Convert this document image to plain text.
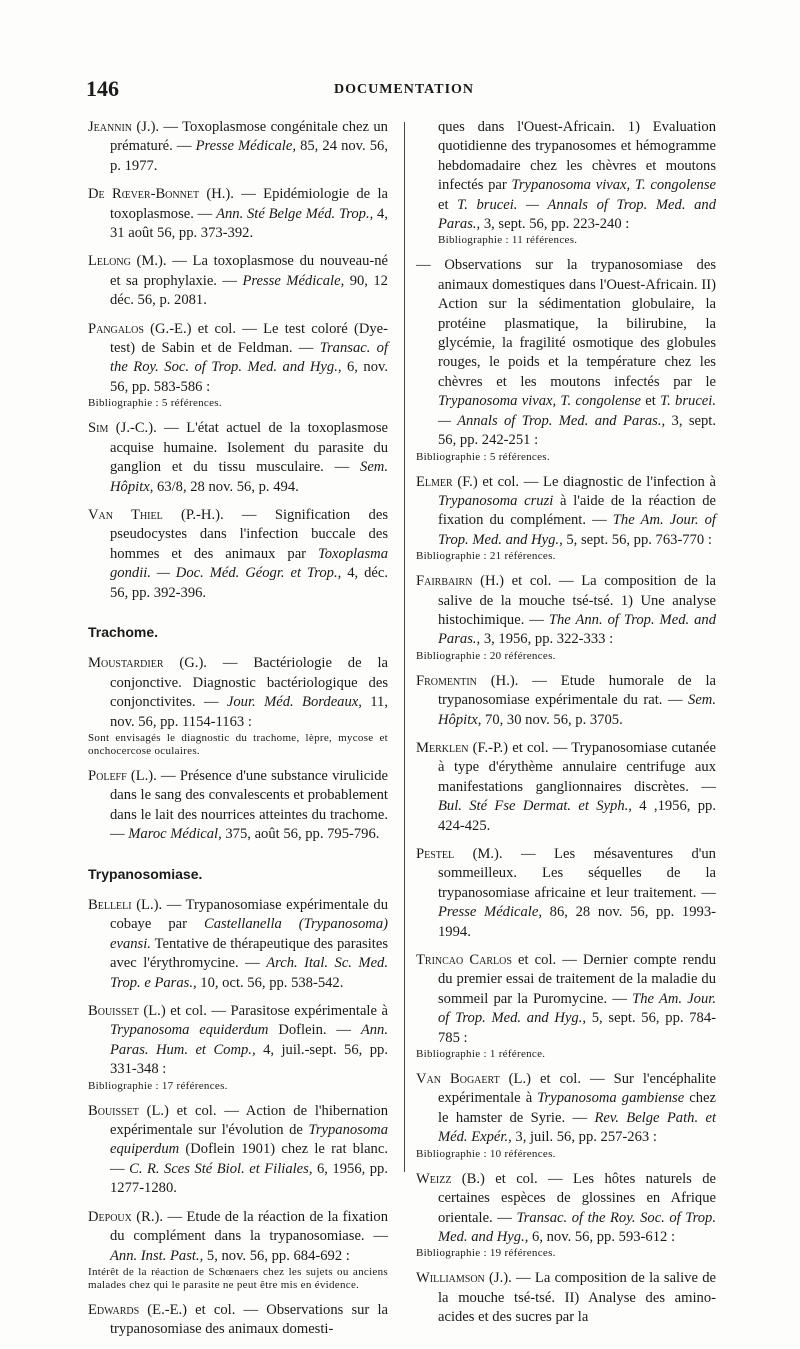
146	DOCUMENTATION

Jeannin (J.). — Toxoplasmose congénitale chez un prématuré. — Presse Médicale, 85, 24 nov. 56, p. 1977.

De Rœver-Bonnet (H.). — Epidémiologie de la toxoplasmose. — Ann. Sté Belge Méd. Trop., 4, 31 août 56, pp. 373-392.

Lelong (M.). — La toxoplasmose du nouveau-né et sa prophylaxie. — Presse Médicale, 90, 12 déc. 56, p. 2081.

Pangalos (G.-E.) et col. — Le test coloré (Dye-test) de Sabin et de Feldman. — Transac. of the Roy. Soc. of Trop. Med. and Hyg., 6, nov. 56, pp. 583-586 :
Bibliographie : 5 références.

Sim (J.-C.). — L'état actuel de la toxoplasmose acquise humaine. Isolement du parasite du ganglion et du tissu musculaire. — Sem. Hôpitx, 63/8, 28 nov. 56, p. 494.

Van Thiel (P.-H.). — Signification des pseudocystes dans l'infection buccale des hommes et des animaux par Toxoplasma gondii. — Doc. Méd. Géogr. et Trop., 4, déc. 56, pp. 392-396.

Trachome.

Moustardier (G.). — Bactériologie de la conjonctive. Diagnostic bactériologique des conjonctivites. — Jour. Méd. Bordeaux, 11, nov. 56, pp. 1154-1163 :
Sont envisagés le diagnostic du trachome, lèpre, mycose et onchocercose oculaires.

Poleff (L.). — Présence d'une substance virulicide dans le sang des convalescents et probablement dans le lait des nourrices atteintes du trachome. — Maroc Médical, 375, août 56, pp. 795-796.

Trypanosomiase.

Belleli (L.). — Trypanosomiase expérimentale du cobaye par Castellanella (Trypanosoma) evansi. Tentative de thérapeutique des parasites avec l'érythromycine. — Arch. Ital. Sc. Med. Trop. e Paras., 10, oct. 56, pp. 538-542.

Bouisset (L.) et col. — Parasitose expérimentale à Trypanosoma equiderdum Doflein. — Ann. Paras. Hum. et Comp., 4, juil.-sept. 56, pp. 331-348 :
Bibliographie : 17 références.

Bouisset (L.) et col. — Action de l'hibernation expérimentale sur l'évolution de Trypanosoma equiperdum (Doflein 1901) chez le rat blanc. — C. R. Sces Sté Biol. et Filiales, 6, 1956, pp. 1277-1280.

Depoux (R.). — Etude de la réaction de la fixation du complément dans la trypanosomiase. — Ann. Inst. Past., 5, nov. 56, pp. 684-692 :
Intérêt de la réaction de Schœnaers chez les sujets ou anciens malades chez qui le parasite ne peut être mis en évidence.

Edwards (E.-E.) et col. — Observations sur la trypanosomiase des animaux domesti-

ques dans l'Ouest-Africain. 1) Evaluation quotidienne des trypanosomes et hémogramme hebdomadaire chez les chèvres et moutons infectés par Trypanosoma vivax, T. congolense et T. brucei. — Annals of Trop. Med. and Paras., 3, sept. 56, pp. 223-240 :
Bibliographie : 11 références.

— Observations sur la trypanosomiase des animaux domestiques dans l'Ouest-Africain. II) Action sur la sédimentation globulaire, la protéine plasmatique, la bilirubine, la glycémie, la fragilité osmotique des globules rouges, le poids et la température chez les chèvres et les moutons infectés par le Trypanosoma vivax, T. congolense et T. brucei. — Annals of Trop. Med. and Paras., 3, sept. 56, pp. 242-251 :
Bibliographie : 5 références.

Elmer (F.) et col. — Le diagnostic de l'infection à Trypanosoma cruzi à l'aide de la réaction de fixation du complément. — The Am. Jour. of Trop. Med. and Hyg., 5, sept. 56, pp. 763-770 :
Bibliographie : 21 références.

Fairbairn (H.) et col. — La composition de la salive de la mouche tsé-tsé. 1) Une analyse histochimique. — The Ann. of Trop. Med. and Paras., 3, 1956, pp. 322-333 :
Bibliographie : 20 références.

Fromentin (H.). — Etude humorale de la trypanosomiase expérimentale du rat. — Sem. Hôpitx, 70, 30 nov. 56, p. 3705.

Merklen (F.-P.) et col. — Trypanosomiase cutanée à type d'érythème annulaire centrifuge aux manifestations ganglionnaires discrètes. — Bul. Sté Fse Dermat. et Syph., 4 ,1956, pp. 424-425.

Pestel (M.). — Les mésaventures d'un sommeilleux. Les séquelles de la trypanosomiase africaine et leur traitement. — Presse Médicale, 86, 28 nov. 56, pp. 1993-1994.

Trincao Carlos et col. — Dernier compte rendu du premier essai de traitement de la maladie du sommeil par la Puromycine. — The Am. Jour. of Trop. Med. and Hyg., 5, sept. 56, pp. 784-785 :
Bibliographie : 1 référence.

Van Bogaert (L.) et col. — Sur l'encéphalite expérimentale à Trypanosoma gambiense chez le hamster de Syrie. — Rev. Belge Path. et Méd. Expér., 3, juil. 56, pp. 257-263 :
Bibliographie : 10 références.

Weizz (B.) et col. — Les hôtes naturels de certaines espèces de glossines en Afrique orientale. — Transac. of the Roy. Soc. of Trop. Med. and Hyg., 6, nov. 56, pp. 593-612 :
Bibliographie : 19 références.

Williamson (J.). — La composition de la salive de la mouche tsé-tsé. II) Analyse des amino-acides et des sucres par la
